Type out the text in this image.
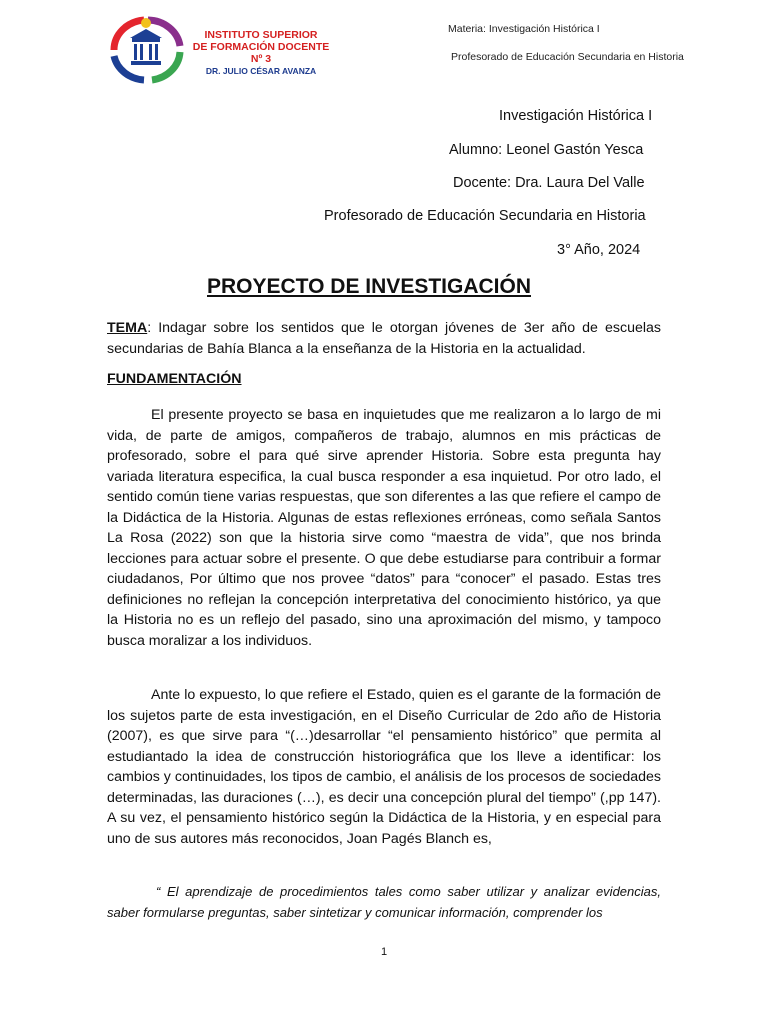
INSTITUTO SUPERIOR
DE FORMACIÓN DOCENTE Nº 3
DR. JULIO CÉSAR AVANZA
Materia: Investigación Histórica I
Profesorado de Educación Secundaria en Historia
Investigación Histórica I
Alumno: Leonel Gastón Yesca
Docente: Dra. Laura Del Valle
Profesorado de Educación Secundaria en Historia
3° Año, 2024
PROYECTO DE INVESTIGACIÓN

TEMA: Indagar sobre los sentidos que le otorgan jóvenes de 3er año de escuelas secundarias de Bahía Blanca a la enseñanza de la Historia en la actualidad.

FUNDAMENTACIÓN

El presente proyecto se basa en inquietudes que me realizaron a lo largo de mi vida, de parte de amigos, compañeros de trabajo, alumnos en mis prácticas de profesorado, sobre el para qué sirve aprender Historia. Sobre esta pregunta hay variada literatura especifica, la cual busca responder a esa inquietud. Por otro lado, el sentido común tiene varias respuestas, que son diferentes a las que refiere el campo de la Didáctica de la Historia. Algunas de estas reflexiones erróneas, como señala Santos La Rosa (2022) son que la historia sirve como “maestra de vida”, que nos brinda lecciones para actuar sobre el presente. O que debe estudiarse para contribuir a formar ciudadanos, Por último que nos provee “datos” para “conocer” el pasado. Estas tres definiciones no reflejan la concepción interpretativa del conocimiento histórico, ya que la Historia no es un reflejo del pasado, sino una aproximación del mismo, y tampoco busca moralizar a los individuos.

Ante lo expuesto, lo que refiere el Estado, quien es el garante de la formación de los sujetos parte de esta investigación, en el Diseño Curricular de 2do año de Historia (2007), es que sirve para “(…)desarrollar “el pensamiento histórico” que permita al estudiantado la idea de construcción historiográfica que los lleve a identificar: los cambios y continuidades, los tipos de cambio, el análisis de los procesos de sociedades determinadas, las duraciones (…), es decir una concepción plural del tiempo” (,pp 147). A su vez, el pensamiento histórico según la Didáctica de la Historia, y en especial para uno de sus autores más reconocidos, Joan Pagés Blanch es,

“ El aprendizaje de procedimientos tales como saber utilizar y analizar evidencias, saber formularse preguntas, saber sintetizar y comunicar información, comprender los

1
